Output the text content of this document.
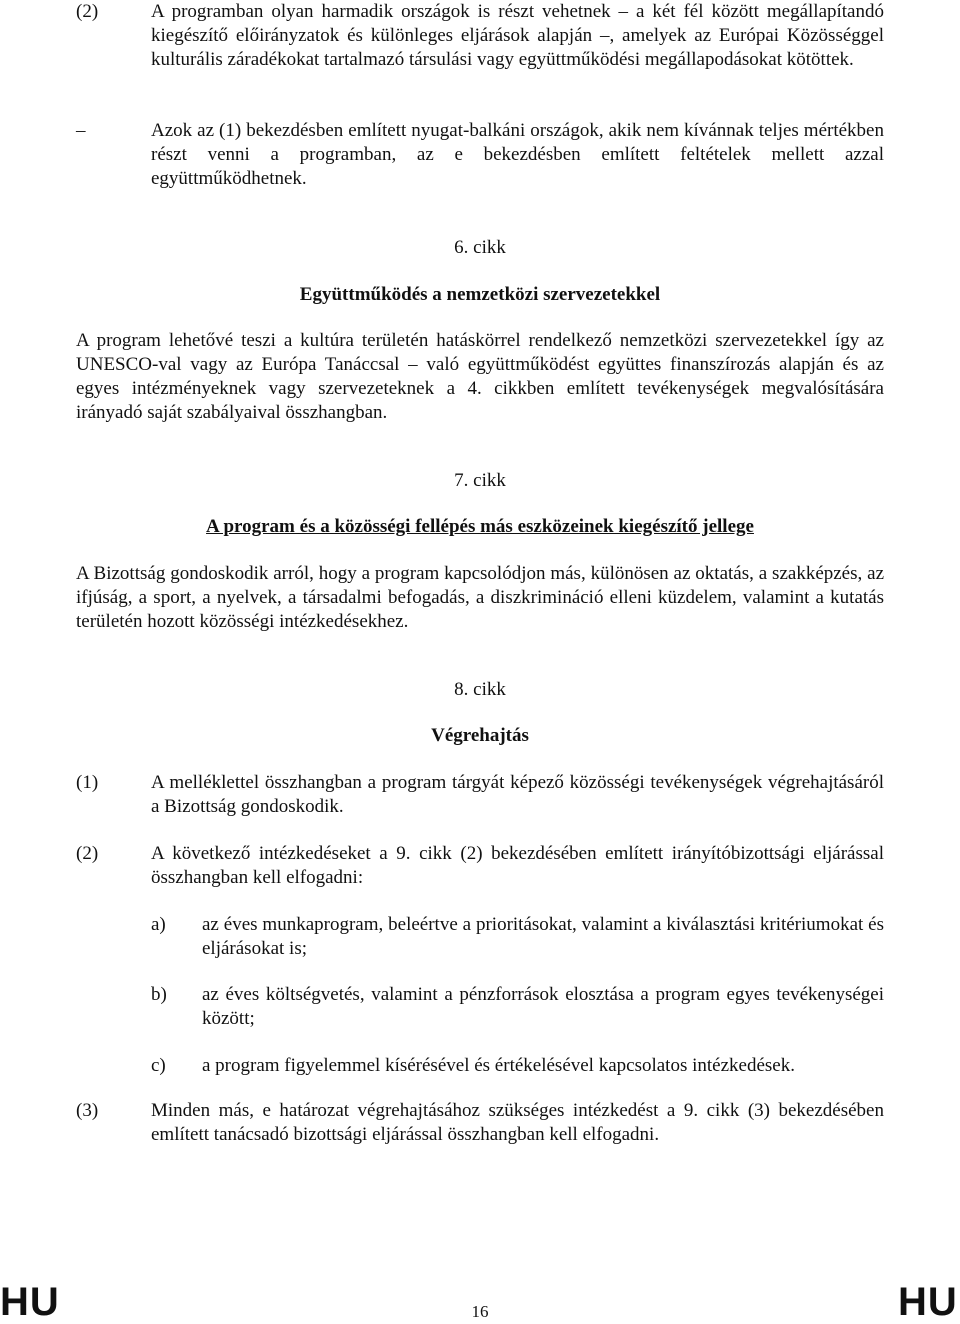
(2)	A programban olyan harmadik országok is részt vehetnek – a két fél között megállapítandó kiegészítő előirányzatok és különleges eljárások alapján –, amelyek az Európai Közösséggel kulturális záradékokat tartalmazó társulási vagy együttműködési megállapodásokat kötöttek.
–	Azok az (1) bekezdésben említett nyugat-balkáni országok, akik nem kívánnak teljes mértékben részt venni a programban, az e bekezdésben említett feltételek mellett azzal együttműködhetnek.
6. cikk
Együttműködés a nemzetközi szervezetekkel
A program lehetővé teszi a kultúra területén hatáskörrel rendelkező nemzetközi szervezetekkel így az UNESCO-val vagy az Európa Tanáccsal – való együttműködést együttes finanszírozás alapján és az egyes intézményeknek vagy szervezeteknek a 4. cikkben említett tevékenységek megvalósítására irányadó saját szabályaival összhangban.
7. cikk
A program és a közösségi fellépés más eszközeinek kiegészítő jellege
A Bizottság gondoskodik arról, hogy a program kapcsolódjon más, különösen az oktatás, a szakképzés, az ifjúság, a sport, a nyelvek, a társadalmi befogadás, a diszkrimináció elleni küzdelem, valamint a kutatás területén hozott közösségi intézkedésekhez.
8. cikk
Végrehajtás
(1)	A melléklettel összhangban a program tárgyát képező közösségi tevékenységek végrehajtásáról a Bizottság gondoskodik.
(2)	A következő intézkedéseket a 9. cikk (2) bekezdésében említett irányítóbizottsági eljárással összhangban kell elfogadni:
a) az éves munkaprogram, beleértve a prioritásokat, valamint a kiválasztási kritériumokat és eljárásokat is;
b) az éves költségvetés, valamint a pénzforrások elosztása a program egyes tevékenységei között;
c) a program figyelemmel kísérésével és értékelésével kapcsolatos intézkedések.
(3)	Minden más, e határozat végrehajtásához szükséges intézkedést a 9. cikk (3) bekezdésében említett tanácsadó bizottsági eljárással összhangban kell elfogadni.
HU	16	HU
